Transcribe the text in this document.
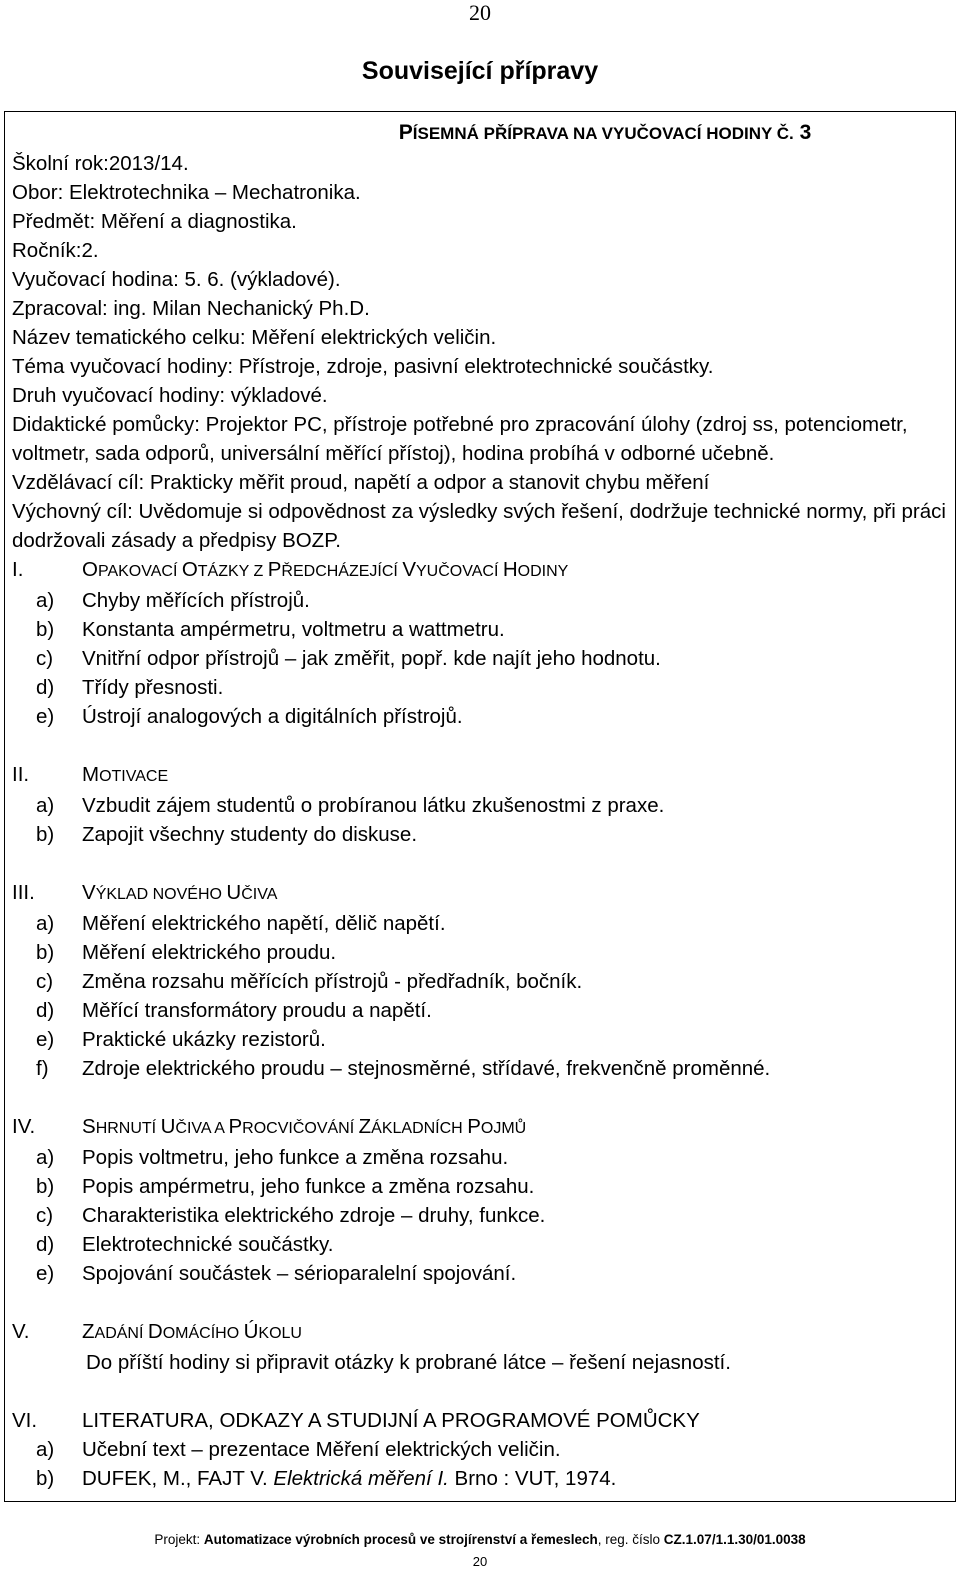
20
Související přípravy
PÍSEMNÁ PŘÍPRAVA NA VYUČOVACÍ HODINY Č. 3
Školní rok:2013/14.
Obor: Elektrotechnika – Mechatronika.
Předmět: Měření a diagnostika.
Ročník:2.
Vyučovací hodina: 5. 6. (výkladové).
Zpracoval: ing. Milan Nechanický Ph.D.
Název tematického celku: Měření elektrických veličin.
Téma vyučovací hodiny: Přístroje, zdroje, pasivní elektrotechnické součástky.
Druh vyučovací hodiny: výkladové.
Didaktické pomůcky: Projektor PC, přístroje potřebné pro zpracování úlohy (zdroj ss, potenciometr, voltmetr, sada odporů, universální měřící přístoj), hodina probíhá v odborné učebně.
Vzdělávací cíl: Prakticky měřit proud, napětí a odpor a stanovit chybu měření
Výchovný cíl: Uvědomuje si odpovědnost za výsledky svých řešení, dodržuje technické normy, při práci dodržovali zásady a předpisy BOZP.
I.	OPAKOVACÍ OTÁZKY Z PŘEDCHÁZEJÍCÍ VYUČOVACÍ HODINY
a)	Chyby měřících přístrojů.
b)	Konstanta ampérmetru, voltmetru a wattmetru.
c)	Vnitřní odpor přístrojů – jak změřit, popř. kde najít jeho hodnotu.
d)	Třídy přesnosti.
e)	Ústrojí analogových a digitálních přístrojů.
II.	MOTIVACE
a)	Vzbudit zájem studentů o probíranou látku zkušenostmi z praxe.
b)	Zapojit všechny studenty do diskuse.
III.	VÝKLAD NOVÉHO UČIVA
a)	Měření elektrického napětí, dělič napětí.
b)	Měření elektrického proudu.
c)	Změna rozsahu měřících přístrojů - předřadník, bočník.
d)	Měřící transformátory proudu a napětí.
e)	Praktické ukázky rezistorů.
f)	Zdroje elektrického proudu – stejnosměrné, střídavé, frekvenčně proměnné.
IV.	SHRNUTÍ UČIVA A PROCVIČOVÁNÍ ZÁKLADNÍCH POJMŮ
a)	Popis voltmetru, jeho funkce a změna rozsahu.
b)	Popis ampérmetru, jeho funkce a změna rozsahu.
c)	Charakteristika elektrického zdroje – druhy, funkce.
d)	Elektrotechnické součástky.
e)	Spojování součástek – sérioparalelní spojování.
V.	ZADÁNÍ DOMÁCÍHO ÚKOLU
Do příští hodiny si připravit otázky k probrané látce – řešení nejasností.
VI.	LITERATURA, ODKAZY A STUDIJNÍ A PROGRAMOVÉ POMŮCKY
a)	Učební text – prezentace Měření elektrických veličin.
b)	DUFEK, M., FAJT V. Elektrická měření I. Brno : VUT, 1974.
Projekt: Automatizace výrobních procesů ve strojírenství a řemeslech, reg. číslo CZ.1.07/1.1.30/01.0038
20
